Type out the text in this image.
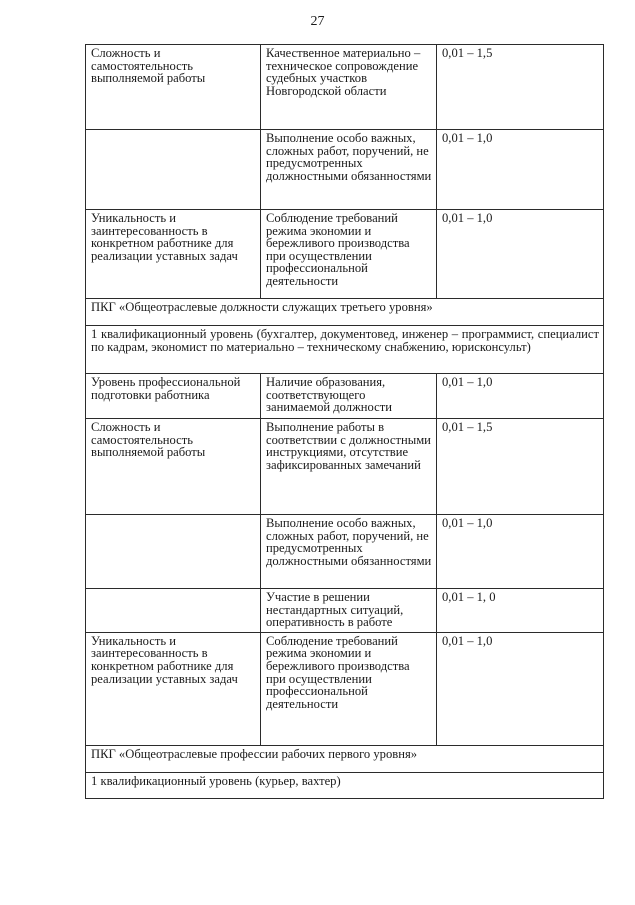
27
Сложность и самостоятельность выполняемой работы	Качественное материально – техническое сопровождение судебных участков Новгородской области	0,01 – 1,5
	Выполнение особо важных, сложных работ, поручений, не предусмотренных должностными обязанностями	0,01 – 1,0
Уникальность и заинтересованность в конкретном работнике для реализации уставных задач	Соблюдение требований режима экономии и бережливого производства при осуществлении профессиональной деятельности	0,01 – 1,0
ПКГ «Общеотраслевые должности служащих третьего уровня»		
1 квалификационный уровень (бухгалтер, документовед, инженер – программист, специалист по кадрам, экономист по материально – техническому снабжению, юрисконсульт)		
Уровень профессиональной подготовки работника	Наличие образования, соответствующего занимаемой должности	0,01 – 1,0
Сложность и самостоятельность выполняемой работы	Выполнение работы в соответствии с должностными инструкциями, отсутствие зафиксированных замечаний	0,01 – 1,5
	Выполнение особо важных, сложных работ, поручений, не предусмотренных должностными обязанностями	0,01 – 1,0
	Участие в решении нестандартных ситуаций, оперативность в работе	0,01 – 1, 0
Уникальность и заинтересованность в конкретном работнике для реализации уставных задач	Соблюдение требований режима экономии и бережливого производства при осуществлении профессиональной деятельности	0,01 – 1,0
ПКГ «Общеотраслевые профессии рабочих первого уровня»		
1 квалификационный уровень (курьер, вахтер)		
